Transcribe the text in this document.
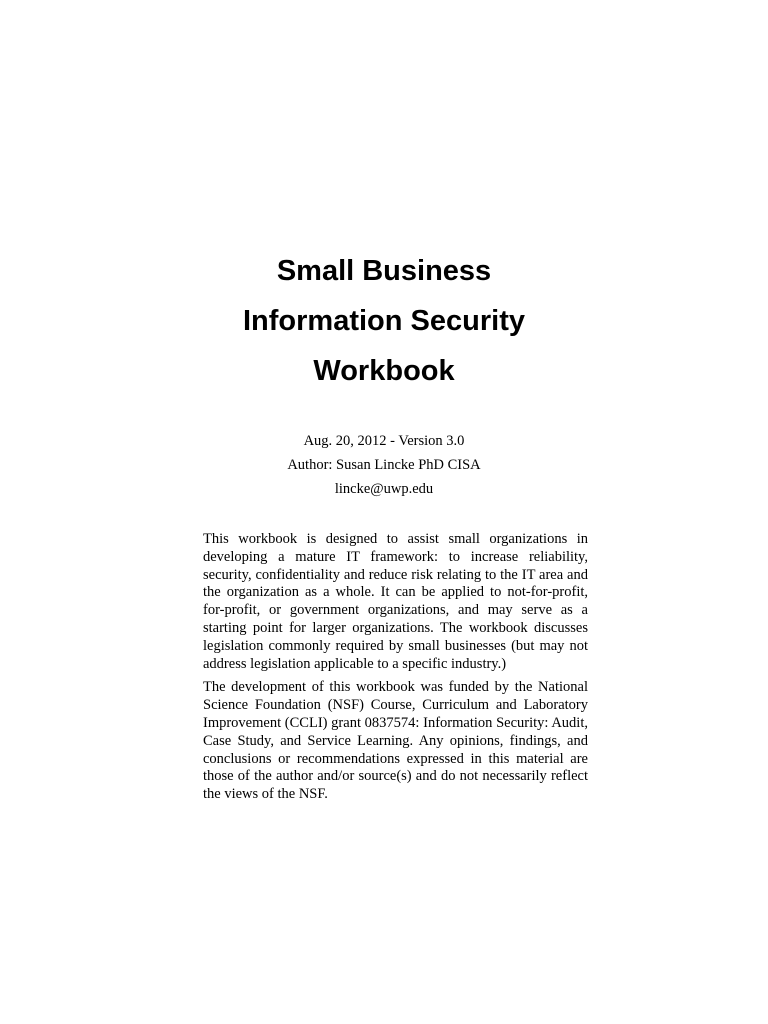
Small Business
Information Security
Workbook
Aug. 20, 2012 - Version 3.0
Author: Susan Lincke PhD CISA
lincke@uwp.edu

This workbook is designed to assist small organizations in developing a mature IT framework: to increase reliability, security, confidentiality and reduce risk relating to the IT area and the organization as a whole. It can be applied to not-for-profit, for-profit, or government organizations, and may serve as a starting point for larger organizations. The workbook discusses legislation commonly required by small businesses (but may not address legislation applicable to a specific industry.)

The development of this workbook was funded by the National Science Foundation (NSF) Course, Curriculum and Laboratory Improvement (CCLI) grant 0837574: Information Security: Audit, Case Study, and Service Learning. Any opinions, findings, and conclusions or recommendations expressed in this material are those of the author and/or source(s) and do not necessarily reflect the views of the NSF.
